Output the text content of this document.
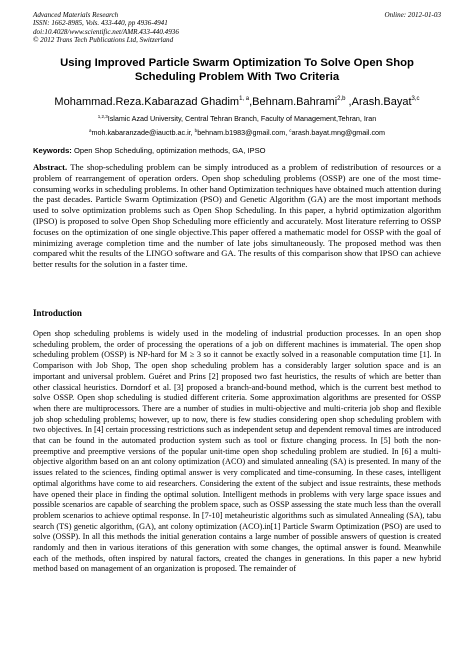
Advanced Materials Research
ISSN: 1662-8985, Vols. 433-440, pp 4936-4941
doi:10.4028/www.scientific.net/AMR.433-440.4936
© 2012 Trans Tech Publications Ltd, Switzerland
Online: 2012-01-03
Using Improved Particle Swarm Optimization To Solve Open Shop
Scheduling Problem With Two Criteria
Mohammad.Reza.Kabarazad Ghadim$^{1, a}$,Behnam.Bahrami$^{2,b}$ ,Arash.Bayat$^{3,c}$
$^{1,2,3}$Islamic Azad University, Central Tehran Branch, Faculty of Management,Tehran, Iran
$^a$moh.kabaranzade@iauctb.ac.ir, $^b$behnam.b1983@gmail.com, $^c$arash.bayat.mng@gmail.com
Keywords: Open Shop Scheduling, optimization methods, GA, IPSO

Abstract. The shop-scheduling problem can be simply introduced as a problem of redistribution of resources or a problem of rearrangement of operation orders. Open shop scheduling problems (OSSP) are one of the most time-consuming works in scheduling problems. In other hand Optimization techniques have obtained much attention during the past decades. Particle Swarm Optimization (PSO) and Genetic Algorithm (GA) are the most important methods used to solve optimization problems such as Open Shop Scheduling. In this paper, a hybrid optimization algorithm (IPSO) is proposed to solve Open Shop Scheduling more efficiently and accurately. Most literature referring to OSSP focuses on the optimization of one single objective.This paper offered a mathematic model for OSSP with the goal of minimizing average completion time and the number of late jobs simultaneously. The proposed method was then compared whit the results of the LINGO software and GA. The results of this comparison show that IPSO can achieve better results for the solution in a faster time.

Introduction

Open shop scheduling problems is widely used in the modeling of industrial production processes. In an open shop scheduling problem, the order of processing the operations of a job on different machines is immaterial. The open shop scheduling problem (OSSP) is NP-hard for M ≥ 3 so it cannot be exactly solved in a reasonable computation time [1]. In Comparison with Job Shop, The open shop scheduling problem has a considerably larger solution space and is an important and universal problem. Guéret and Prins [2] proposed two fast heuristics, the results of which are better than other classical heuristics. Dorndorf et al. [3] proposed a branch-and-bound method, which is the current best method to solve OSSP. Open shop scheduling is studied different criteria. Some approximation algorithms are presented for OSSP when there are multiprocessors. There are a number of studies in multi-objective and multi-criteria job shop and flexible job shop scheduling problems; however, up to now, there is few studies considering open shop scheduling problem with two objectives. In [4] certain processing restrictions such as independent setup and dependent removal times are introduced that can be found in the automated production system such as tool or fixture changing process. In [5] both the non-preemptive and preemptive versions of the popular unit-time open shop scheduling problem are studied. In [6] a multi-objective algorithm based on an ant colony optimization (ACO) and simulated annealing (SA) is presented. In many of the issues related to the sciences, finding optimal answer is very complicated and time-consuming. In these cases, intelligent optimal algorithms have come to aid researchers. Considering the extent of the subject and issue restraints, these methods have opened their place in finding the optimal solution. Intelligent methods in problems with very large space issues and possible scenarios are capable of searching the problem space, such as OSSP assessing the state much less than the overall problem scenarios to achieve optimal response. In [7-10] metaheuristic algorithms such as simulated Annealing (SA), tabu search (TS) genetic algorithm, (GA), ant colony optimization (ACO).in[1] Particle Swarm Optimization (PSO) are used to solve (OSSP). In all this methods the initial generation contains a large number of possible answers of question is created randomly and then in various iterations of this generation with some changes, the optimal answer is found. Meanwhile each of the methods, often inspired by natural factors, created the changes in generations. In this paper a new hybrid method based on management of an organization is proposed. The remainder of
